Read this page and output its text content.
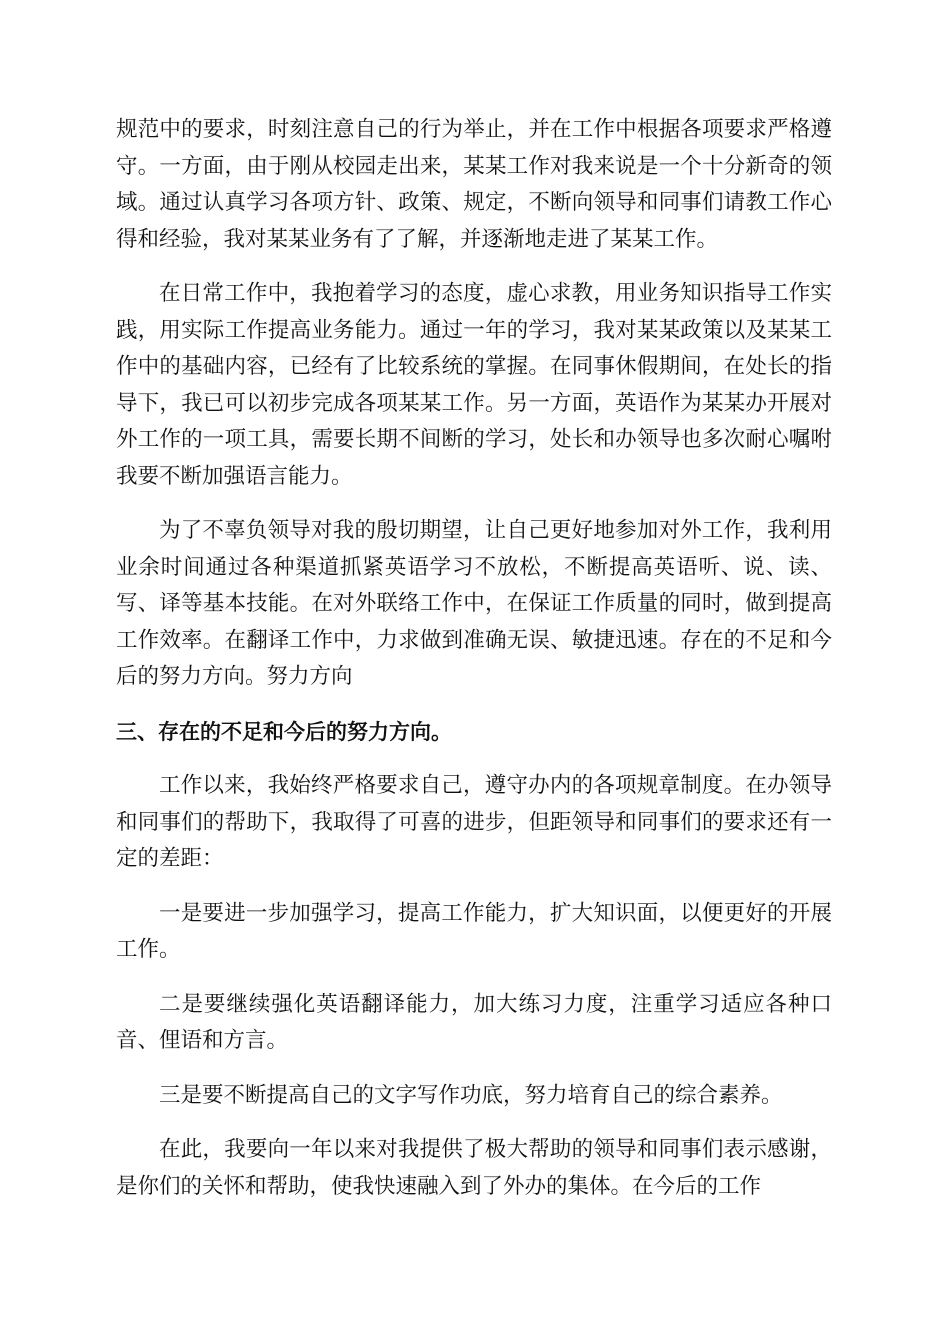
规范中的要求，时刻注意自己的行为举止，并在工作中根据各项要求严格遵守。一方面，由于刚从校园走出来，某某工作对我来说是一个十分新奇的领域。通过认真学习各项方针、政策、规定，不断向领导和同事们请教工作心得和经验，我对某某业务有了了解，并逐渐地走进了某某工作。

在日常工作中，我抱着学习的态度，虚心求教，用业务知识指导工作实践，用实际工作提高业务能力。通过一年的学习，我对某某政策以及某某工作中的基础内容，已经有了比较系统的掌握。在同事休假期间，在处长的指导下，我已可以初步完成各项某某工作。另一方面，英语作为某某办开展对外工作的一项工具，需要长期不间断的学习，处长和办领导也多次耐心嘱咐我要不断加强语言能力。

为了不辜负领导对我的殷切期望，让自己更好地参加对外工作，我利用业余时间通过各种渠道抓紧英语学习不放松，不断提高英语听、说、读、写、译等基本技能。在对外联络工作中，在保证工作质量的同时，做到提高工作效率。在翻译工作中，力求做到准确无误、敏捷迅速。存在的不足和今后的努力方向。努力方向

三、存在的不足和今后的努力方向。

工作以来，我始终严格要求自己，遵守办内的各项规章制度。在办领导和同事们的帮助下，我取得了可喜的进步，但距领导和同事们的要求还有一定的差距：

一是要进一步加强学习，提高工作能力，扩大知识面，以便更好的开展工作。

二是要继续强化英语翻译能力，加大练习力度，注重学习适应各种口音、俚语和方言。

三是要不断提高自己的文字写作功底，努力培育自己的综合素养。

在此，我要向一年以来对我提供了极大帮助的领导和同事们表示感谢，是你们的关怀和帮助，使我快速融入到了外办的集体。在今后的工作
